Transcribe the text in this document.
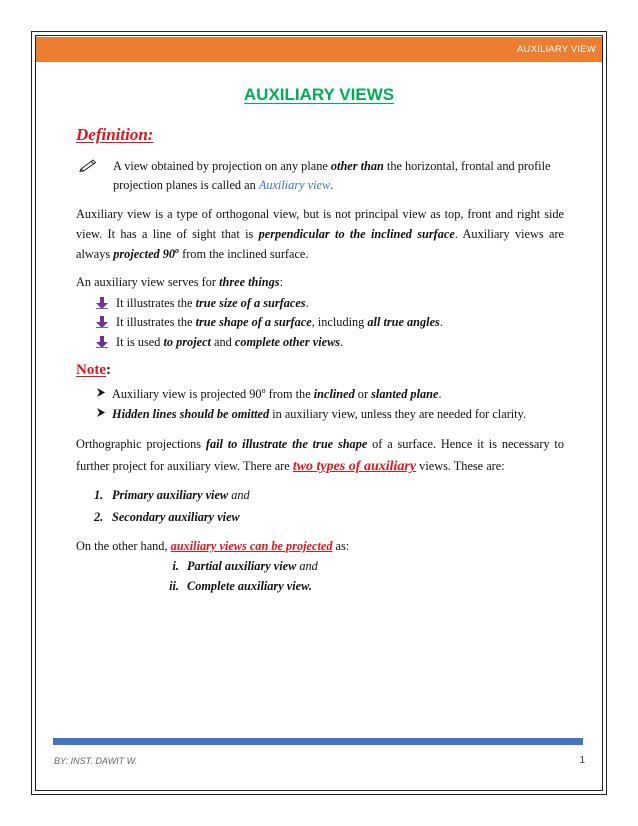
AUXILIARY VIEW
AUXILIARY VIEWS
Definition:
A view obtained by projection on any plane other than the horizontal, frontal and profile projection planes is called an Auxiliary view.

Auxiliary view is a type of orthogonal view, but is not principal view as top, front and right side view. It has a line of sight that is perpendicular to the inclined surface. Auxiliary views are always projected 90$^o$ from the inclined surface.

An auxiliary view serves for three things:

It illustrates the true size of a surfaces.
It illustrates the true shape of a surface, including all true angles.
It is used to project and complete other views.
Note:
Auxiliary view is projected 90$^o$ from the inclined or slanted plane.
Hidden lines should be omitted in auxiliary view, unless they are needed for clarity.

Orthographic projections fail to illustrate the true shape of a surface. Hence it is necessary to further project for auxiliary view. There are two types of auxiliary views. These are:

1. Primary auxiliary view and
2. Secondary auxiliary view

On the other hand, auxiliary views can be projected as:

i. Partial auxiliary view and
ii. Complete auxiliary view.
BY: INST. DAWIT W.	1
